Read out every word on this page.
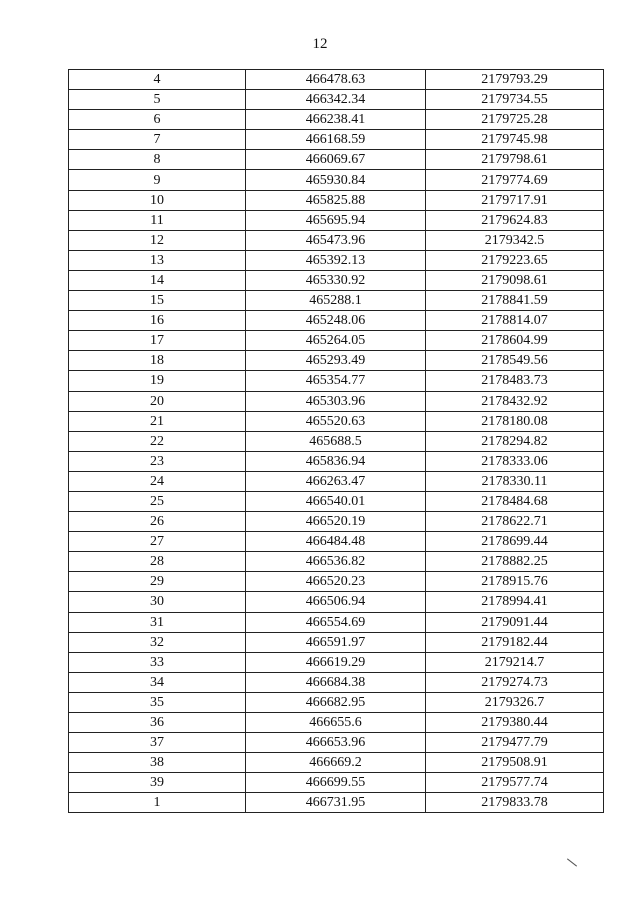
12
4	466478.63	2179793.29
5	466342.34	2179734.55
6	466238.41	2179725.28
7	466168.59	2179745.98
8	466069.67	2179798.61
9	465930.84	2179774.69
10	465825.88	2179717.91
11	465695.94	2179624.83
12	465473.96	2179342.5
13	465392.13	2179223.65
14	465330.92	2179098.61
15	465288.1	2178841.59
16	465248.06	2178814.07
17	465264.05	2178604.99
18	465293.49	2178549.56
19	465354.77	2178483.73
20	465303.96	2178432.92
21	465520.63	2178180.08
22	465688.5	2178294.82
23	465836.94	2178333.06
24	466263.47	2178330.11
25	466540.01	2178484.68
26	466520.19	2178622.71
27	466484.48	2178699.44
28	466536.82	2178882.25
29	466520.23	2178915.76
30	466506.94	2178994.41
31	466554.69	2179091.44
32	466591.97	2179182.44
33	466619.29	2179214.7
34	466684.38	2179274.73
35	466682.95	2179326.7
36	466655.6	2179380.44
37	466653.96	2179477.79
38	466669.2	2179508.91
39	466699.55	2179577.74
1	466731.95	2179833.78
